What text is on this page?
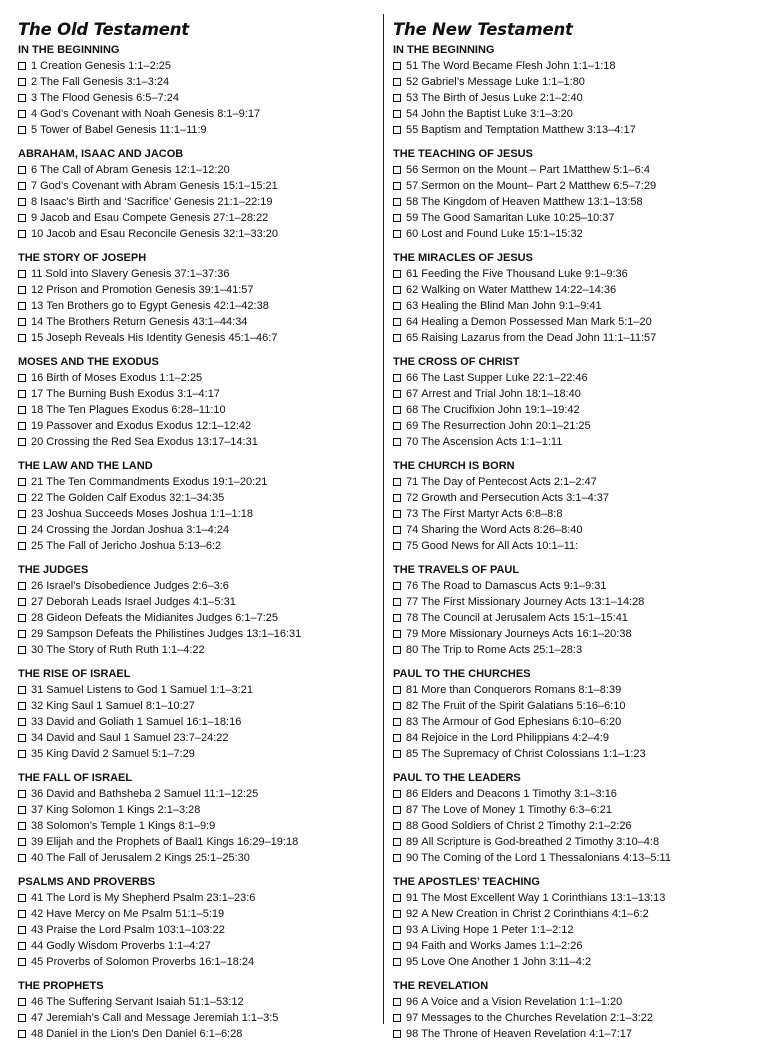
The Old Testament
IN THE BEGINNING
1 Creation Genesis 1:1–2:25
2 The Fall Genesis 3:1–3:24
3 The Flood Genesis 6:5–7:24
4 God’s Covenant with Noah Genesis 8:1–9:17
5 Tower of Babel Genesis 11:1–11:9
ABRAHAM, ISAAC AND JACOB
6 The Call of Abram Genesis 12:1–12:20
7 God’s Covenant with Abram Genesis 15:1–15:21
8 Isaac’s Birth and ‘Sacrifice’ Genesis 21:1–22:19
9 Jacob and Esau Compete Genesis 27:1–28:22
10 Jacob and Esau Reconcile Genesis 32:1–33:20
THE STORY OF JOSEPH
11 Sold into Slavery Genesis 37:1–37:36
12 Prison and Promotion Genesis 39:1–41:57
13 Ten Brothers go to Egypt Genesis 42:1–42:38
14 The Brothers Return Genesis 43:1–44:34
15 Joseph Reveals His Identity Genesis 45:1–46:7
MOSES AND THE EXODUS
16 Birth of Moses Exodus 1:1–2:25
17 The Burning Bush Exodus 3:1–4:17
18 The Ten Plagues Exodus 6:28–11:10
19 Passover and Exodus Exodus 12:1–12:42
20 Crossing the Red Sea Exodus 13:17–14:31
THE LAW AND THE LAND
21 The Ten Commandments Exodus 19:1–20:21
22 The Golden Calf Exodus 32:1–34:35
23 Joshua Succeeds Moses Joshua 1:1–1:18
24 Crossing the Jordan Joshua 3:1–4:24
25 The Fall of Jericho Joshua 5:13–6:2
THE JUDGES
26 Israel’s Disobedience Judges 2:6–3:6
27 Deborah Leads Israel Judges 4:1–5:31
28 Gideon Defeats the Midianites Judges 6:1–7:25
29 Sampson Defeats the Philistines Judges 13:1–16:31
30 The Story of Ruth Ruth 1:1–4:22
THE RISE OF ISRAEL
31 Samuel Listens to God 1 Samuel 1:1–3:21
32 King Saul 1 Samuel 8:1–10:27
33 David and Goliath 1 Samuel 16:1–18:16
34 David and Saul 1 Samuel 23:7–24:22
35 King David 2 Samuel 5:1–7:29
THE FALL OF ISRAEL
36 David and Bathsheba 2 Samuel 11:1–12:25
37 King Solomon 1 Kings 2:1–3:28
38 Solomon’s Temple 1 Kings 8:1–9:9
39 Elijah and the Prophets of Baal1 Kings 16:29–19:18
40 The Fall of Jerusalem 2 Kings 25:1–25:30
PSALMS AND PROVERBS
41 The Lord is My Shepherd Psalm 23:1–23:6
42 Have Mercy on Me Psalm 51:1–5:19
43 Praise the Lord Psalm 103:1–103:22
44 Godly Wisdom Proverbs 1:1–4:27
45 Proverbs of Solomon Proverbs 16:1–18:24
THE PROPHETS
46 The Suffering Servant Isaiah 51:1–53:12
47 Jeremiah’s Call and Message Jeremiah 1:1–3:5
48 Daniel in the Lion’s Den Daniel 6:1–6:28
The New Testament
IN THE BEGINNING
51 The Word Became Flesh John 1:1–1:18
52 Gabriel’s Message Luke 1:1–1:80
53 The Birth of Jesus Luke 2:1–2:40
54 John the Baptist Luke 3:1–3:20
55 Baptism and Temptation Matthew 3:13–4:17
THE TEACHING OF JESUS
56 Sermon on the Mount – Part 1Matthew 5:1–6:4
57 Sermon on the Mount– Part 2 Matthew 6:5–7:29
58 The Kingdom of Heaven Matthew 13:1–13:58
59 The Good Samaritan Luke 10:25–10:37
60 Lost and Found Luke 15:1–15:32
THE MIRACLES OF JESUS
61 Feeding the Five Thousand Luke 9:1–9:36
62 Walking on Water Matthew 14:22–14:36
63 Healing the Blind Man John 9:1–9:41
64 Healing a Demon Possessed Man Mark 5:1–20
65 Raising Lazarus from the Dead John 11:1–11:57
THE CROSS OF CHRIST
66 The Last Supper Luke 22:1–22:46
67 Arrest and Trial John 18:1–18:40
68 The Crucifixion John 19:1–19:42
69 The Resurrection John 20:1–21:25
70 The Ascension Acts 1:1–1:11
THE CHURCH IS BORN
71 The Day of Pentecost Acts 2:1–2:47
72 Growth and Persecution Acts 3:1–4:37
73 The First Martyr Acts 6:8–8:8
74 Sharing the Word Acts 8:26–8:40
75 Good News for All Acts 10:1–11:
THE TRAVELS OF PAUL
76 The Road to Damascus Acts 9:1–9:31
77 The First Missionary Journey Acts 13:1–14:28
78 The Council at Jerusalem Acts 15:1–15:41
79 More Missionary Journeys Acts 16:1–20:38
80 The Trip to Rome Acts 25:1–28:3
PAUL TO THE CHURCHES
81 More than Conquerors Romans 8:1–8:39
82 The Fruit of the Spirit Galatians 5:16–6:10
83 The Armour of God Ephesians 6:10–6:20
84 Rejoice in the Lord Philippians 4:2–4:9
85 The Supremacy of Christ Colossians 1:1–1:23
PAUL TO THE LEADERS
86 Elders and Deacons 1 Timothy 3:1–3:16
87 The Love of Money 1 Timothy 6:3–6:21
88 Good Soldiers of Christ 2 Timothy 2:1–2:26
89 All Scripture is God-breathed 2 Timothy 3:10–4:8
90 The Coming of the Lord 1 Thessalonians 4:13–5:11
THE APOSTLES’ TEACHING
91 The Most Excellent Way 1 Corinthians 13:1–13:13
92 A New Creation in Christ 2 Corinthians 4:1–6:2
93 A Living Hope 1 Peter 1:1–2:12
94 Faith and Works James 1:1–2:26
95 Love One Another 1 John 3:11–4:2
THE REVELATION
96 A Voice and a Vision Revelation 1:1–1:20
97 Messages to the Churches Revelation 2:1–3:22
98 The Throne of Heaven Revelation 4:1–7:17
